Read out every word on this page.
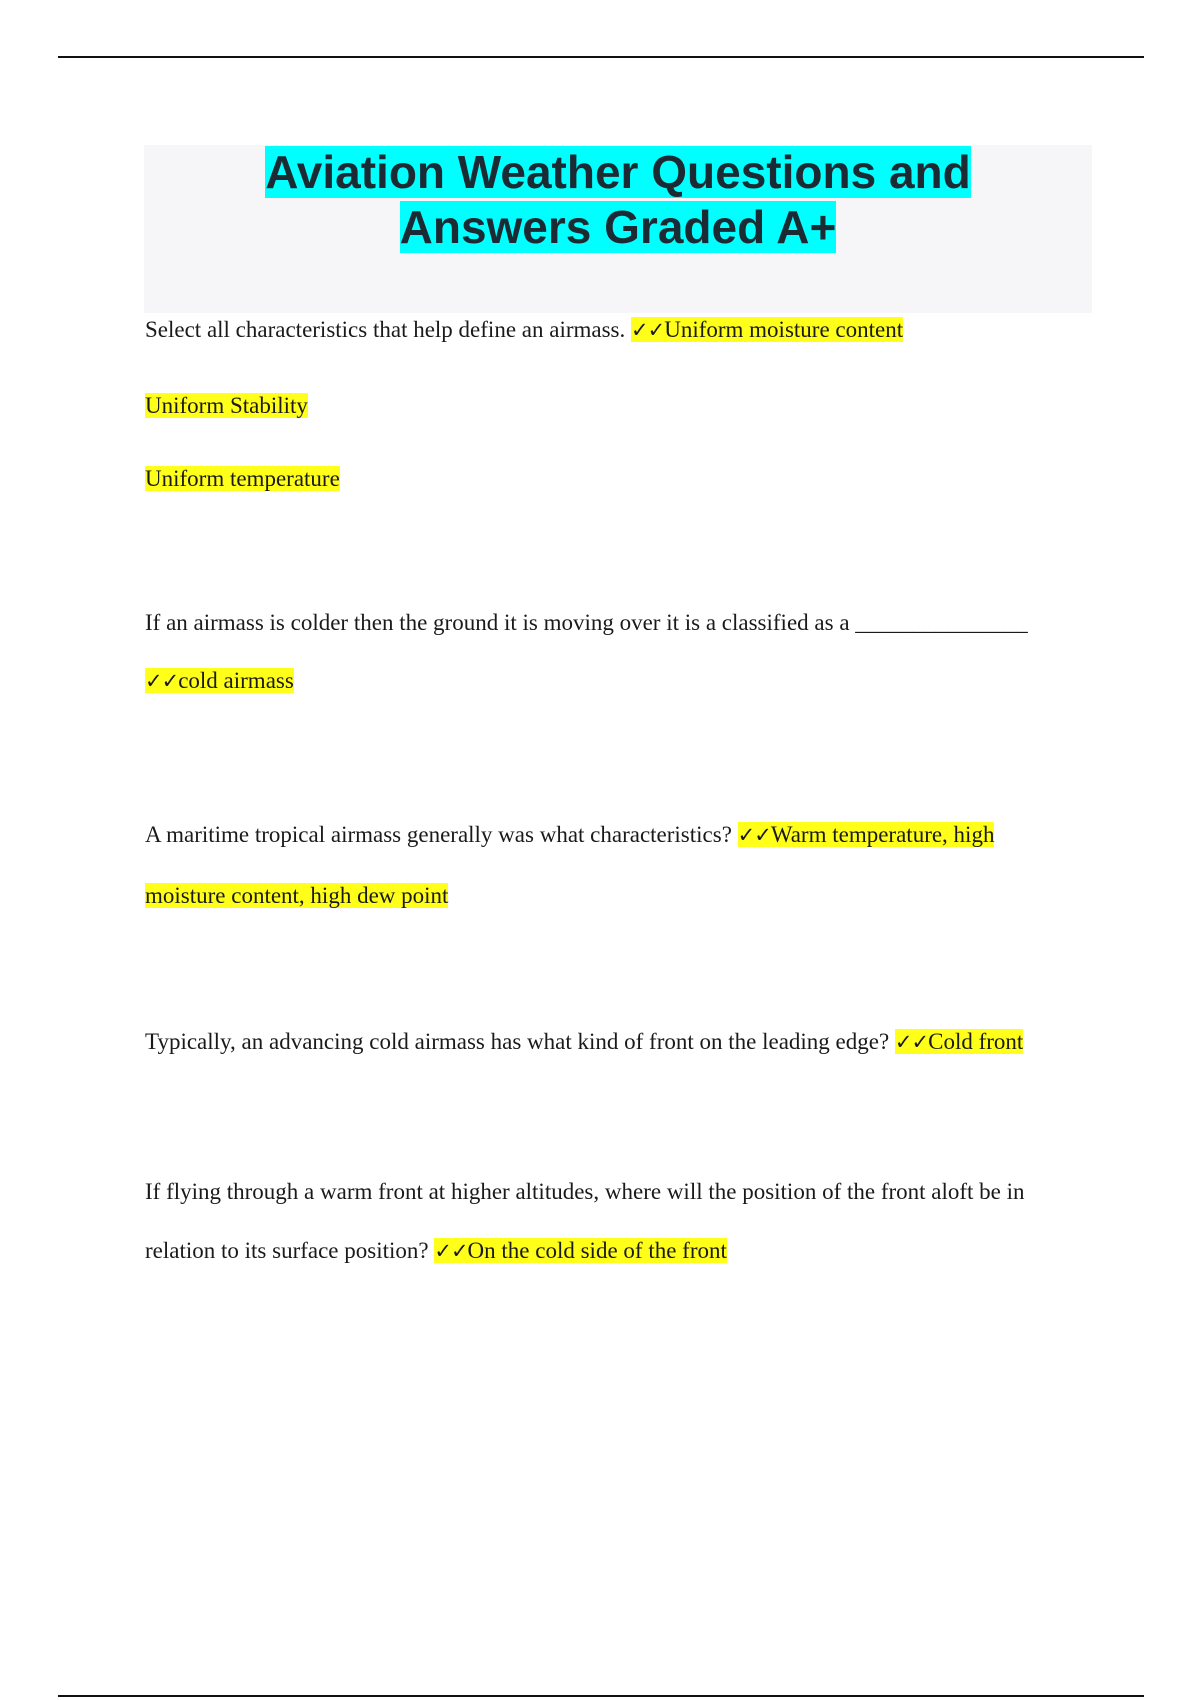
Aviation Weather Questions and
Answers Graded A+
Select all characteristics that help define an airmass. ✓✓Uniform moisture content
Uniform Stability
Uniform temperature
If an airmass is colder then the ground it is moving over it is a classified as a _______________
✓✓cold airmass
A maritime tropical airmass generally was what characteristics? ✓✓Warm temperature, high
moisture content, high dew point
Typically, an advancing cold airmass has what kind of front on the leading edge? ✓✓Cold front
If flying through a warm front at higher altitudes, where will the position of the front aloft be in
relation to its surface position? ✓✓On the cold side of the front
